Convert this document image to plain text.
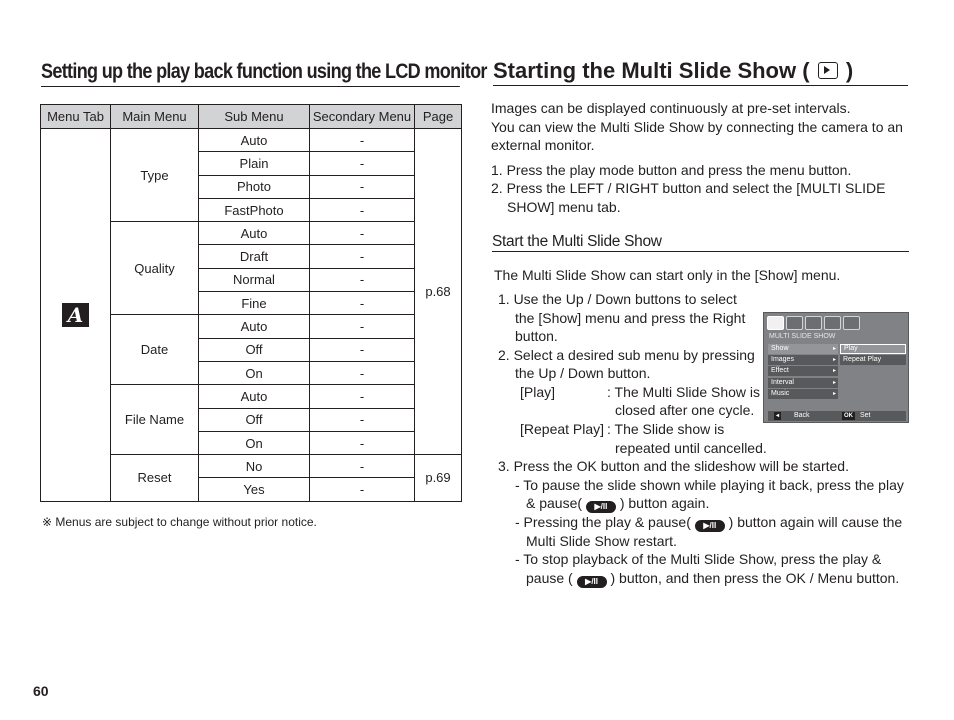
Setting up the play back function using the LCD monitor
Menu Tab	Main Menu	Sub Menu	Secondary Menu	Page
A	Type	Auto	-	p.68
		Plain	-	
		Photo	-	
		FastPhoto	-	
	Quality	Auto	-	
		Draft	-	
		Normal	-	
		Fine	-	
	Date	Auto	-	
		Off	-	
		On	-	
	File Name	Auto	-	
		Off	-	
		On	-	
	Reset	No	-	p.69
		Yes	-	
※ Menus are subject to change without prior notice.
60
Starting the Multi Slide Show ( )
Images can be displayed continuously at pre-set intervals.
You can view the Multi Slide Show by connecting the camera to an
external monitor.
1. Press the play mode button and press the menu button.
2. Press the LEFT / RIGHT button and select the [MULTI SLIDE
SHOW] menu tab.
Start the Multi Slide Show
The Multi Slide Show can start only in the [Show] menu.
1. Use the Up / Down buttons to select
the [Show] menu and press the Right
button.
2. Select a desired sub menu by pressing
the Up / Down button.
[Play]	: The Multi Slide Show is
closed after one cycle.
[Repeat Play] : The Slide show is
repeated until cancelled.
3. Press the OK button and the slideshow will be started.
- To pause the slide shown while playing it back, press the play
& pause( ▶/II ) button again.
- Pressing the play & pause( ▶/II ) button again will cause the
Multi Slide Show restart.
- To stop playback of the Multi Slide Show, press the play &
pause ( ▶/II ) button, and then press the OK / Menu button.
MULTI SLIDE SHOW
Show ▸
Images ▸
Effect ▸
Interval ▸
Music ▸
Play
Repeat Play
◂ Back	OK Set
